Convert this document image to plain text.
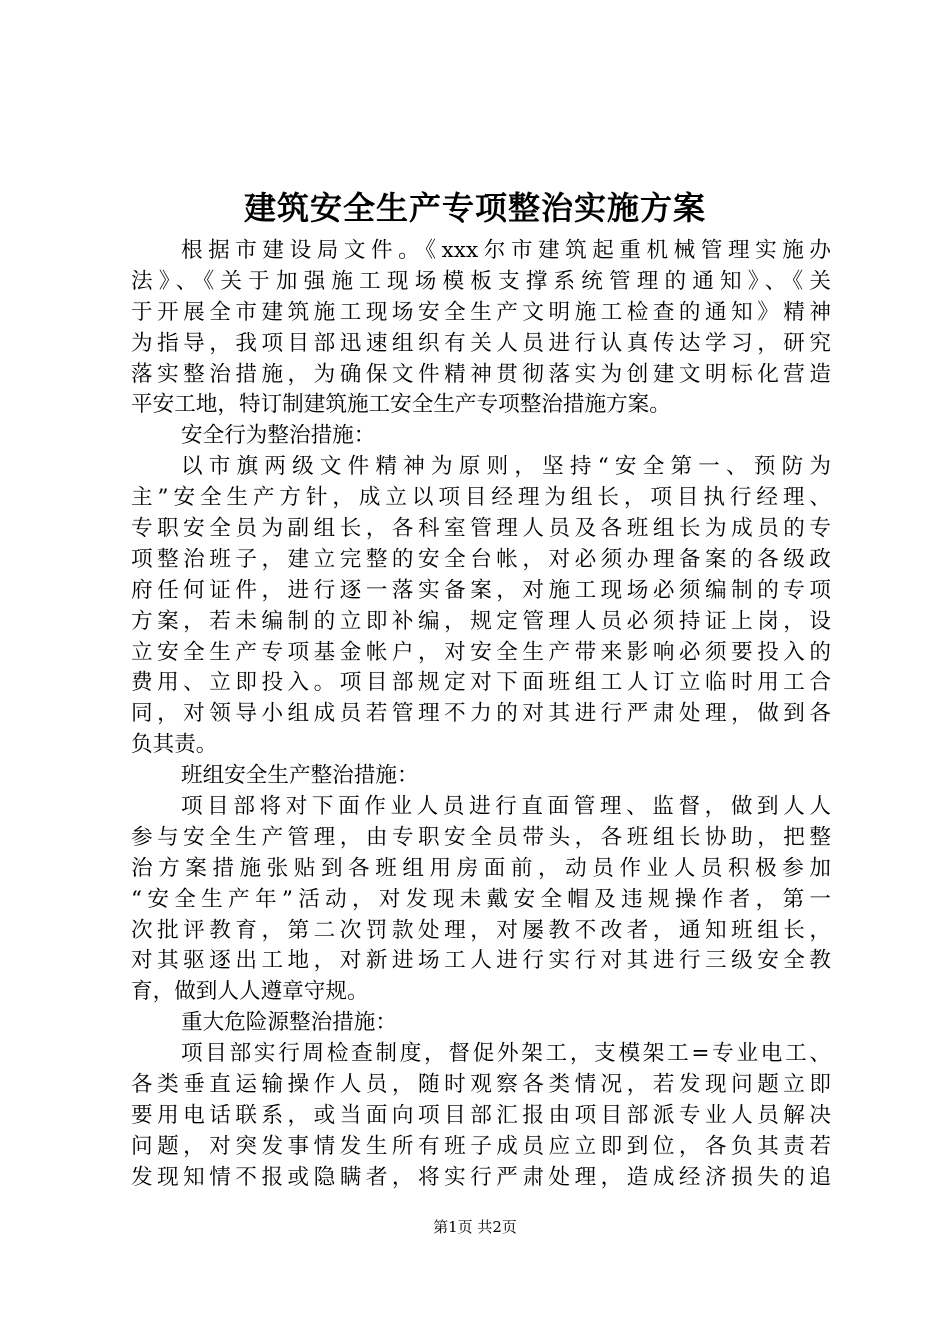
建筑安全生产专项整治实施方案
根据市建设局文件。《xxx尔市建筑起重机械管理实施办
法》、《关于加强施工现场模板支撑系统管理的通知》、《关
于开展全市建筑施工现场安全生产文明施工检查的通知》精神
为指导，我项目部迅速组织有关人员进行认真传达学习，研究
落实整治措施，为确保文件精神贯彻落实为创建文明标化营造
平安工地，特订制建筑施工安全生产专项整治措施方案。
安全行为整治措施：
以市旗两级文件精神为原则，坚持“安全第一、预防为
主”安全生产方针，成立以项目经理为组长，项目执行经理、
专职安全员为副组长，各科室管理人员及各班组长为成员的专
项整治班子，建立完整的安全台帐，对必须办理备案的各级政
府任何证件，进行逐一落实备案，对施工现场必须编制的专项
方案，若未编制的立即补编，规定管理人员必须持证上岗，设
立安全生产专项基金帐户，对安全生产带来影响必须要投入的
费用、立即投入。项目部规定对下面班组工人订立临时用工合
同，对领导小组成员若管理不力的对其进行严肃处理，做到各
负其责。
班组安全生产整治措施：
项目部将对下面作业人员进行直面管理、监督，做到人人
参与安全生产管理，由专职安全员带头，各班组长协助，把整
治方案措施张贴到各班组用房面前，动员作业人员积极参加
“安全生产年”活动，对发现未戴安全帽及违规操作者，第一
次批评教育，第二次罚款处理，对屡教不改者，通知班组长，
对其驱逐出工地，对新进场工人进行实行对其进行三级安全教
育，做到人人遵章守规。
重大危险源整治措施：
项目部实行周检查制度，督促外架工，支模架工=专业电工、
各类垂直运输操作人员，随时观察各类情况，若发现问题立即
要用电话联系，或当面向项目部汇报由项目部派专业人员解决
问题，对突发事情发生所有班子成员应立即到位，各负其责若
发现知情不报或隐瞒者，将实行严肃处理，造成经济损失的追
第1页 共2页
